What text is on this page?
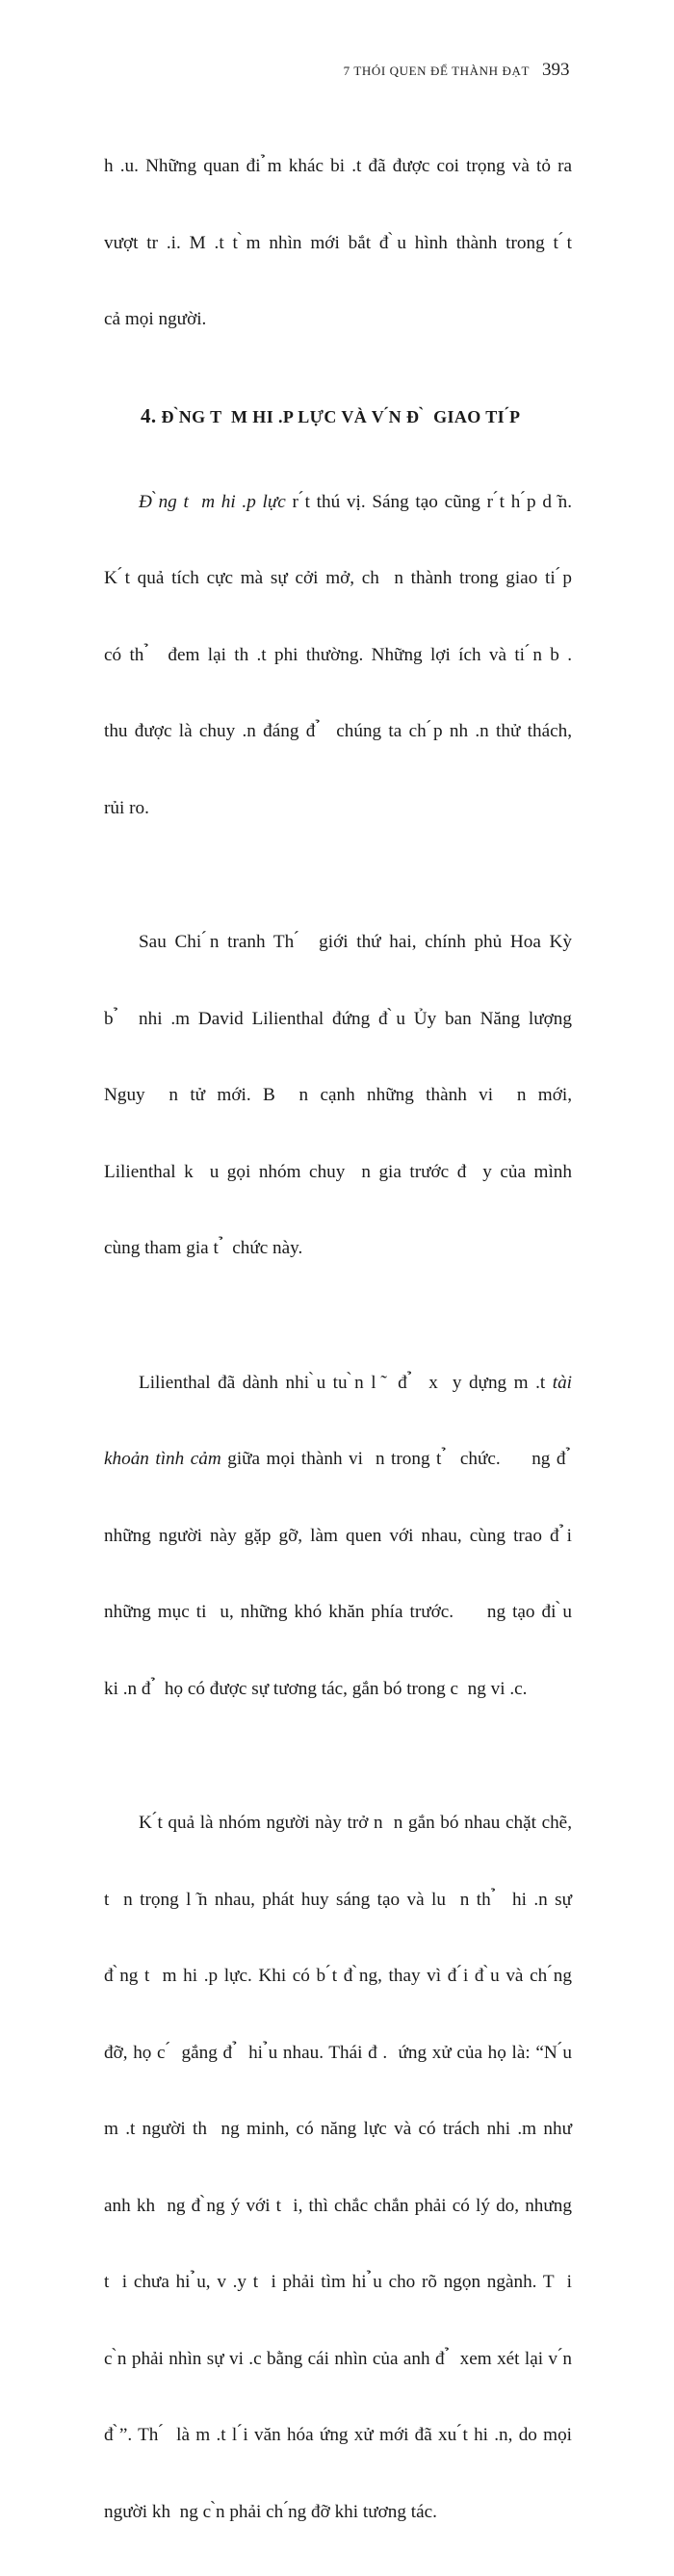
7 THÓI QUEN ĐỂ THÀNH ĐẠT 393

h .u. Những quan đi ̉m khác bi .t đã được coi trọng và tỏ ra

vượt tr .i. M .t t ̀m nhìn mới bắt đ ̀u hình thành trong t ́t

cả mọi người.

4. Đ ̀NG T  M HI .P LỰC VÀ V ́N Đ ̀  GIAO TI ́P

Đ ̀ng t  m hi .p lực r ́t thú vị. Sáng tạo cũng r ́t h ́p d ̃n.

K ́t quả tích cực mà sự cởi mở, ch  n thành trong giao ti ́p

có th ̉  đem lại th .t phi thường. Những lợi ích và ti ́n b .

thu được là chuy .n đáng đ ̉  chúng ta ch ́p nh .n thử thách,

rủi ro.

Sau Chi ́n tranh Th ́  giới thứ hai, chính phủ Hoa Kỳ

b ̉  nhi .m David Lilienthal đứng đ ̀u Ủy ban Năng lượng

Nguy  n tử mới. B  n cạnh những thành vi  n mới,

Lilienthal k  u gọi nhóm chuy  n gia trước đ  y của mình

cùng tham gia t ̉  chức này.

Lilienthal đã dành nhi ̀u tu ̀n l ̃  đ ̉  x  y dựng m .t tài

khoản tình cảm giữa mọi thành vi  n trong t ̉  chức.     ng đ ̉

những người này gặp gỡ, làm quen với nhau, cùng trao đ ̉i

những mục ti  u, những khó khăn phía trước.     ng tạo đi ̀u

ki .n đ ̉  họ có được sự tương tác, gắn bó trong c  ng vi .c.

K ́t quả là nhóm người này trở n  n gắn bó nhau chặt chẽ,

t  n trọng l ̃n nhau, phát huy sáng tạo và lu  n th ̉  hi .n sự

đ ̀ng t  m hi .p lực. Khi có b ́t đ ̀ng, thay vì đ ́i đ ̀u và ch ́ng

đỡ, họ c ́  gắng đ ̉  hi ̉u nhau. Thái đ .  ứng xử của họ là: “N ́u

m .t người th  ng minh, có năng lực và có trách nhi .m như

anh kh  ng đ ̀ng ý với t  i, thì chắc chắn phải có lý do, nhưng

t  i chưa hi ̉u, v .y t  i phải tìm hi ̉u cho rõ ngọn ngành. T  i

c ̀n phải nhìn sự vi .c bằng cái nhìn của anh đ ̉  xem xét lại v ́n

đ ̀”. Th ́  là m .t l ́i văn hóa ứng xử mới đã xu ́t hi .n, do mọi

người kh  ng c ̀n phải ch ́ng đỡ khi tương tác.
